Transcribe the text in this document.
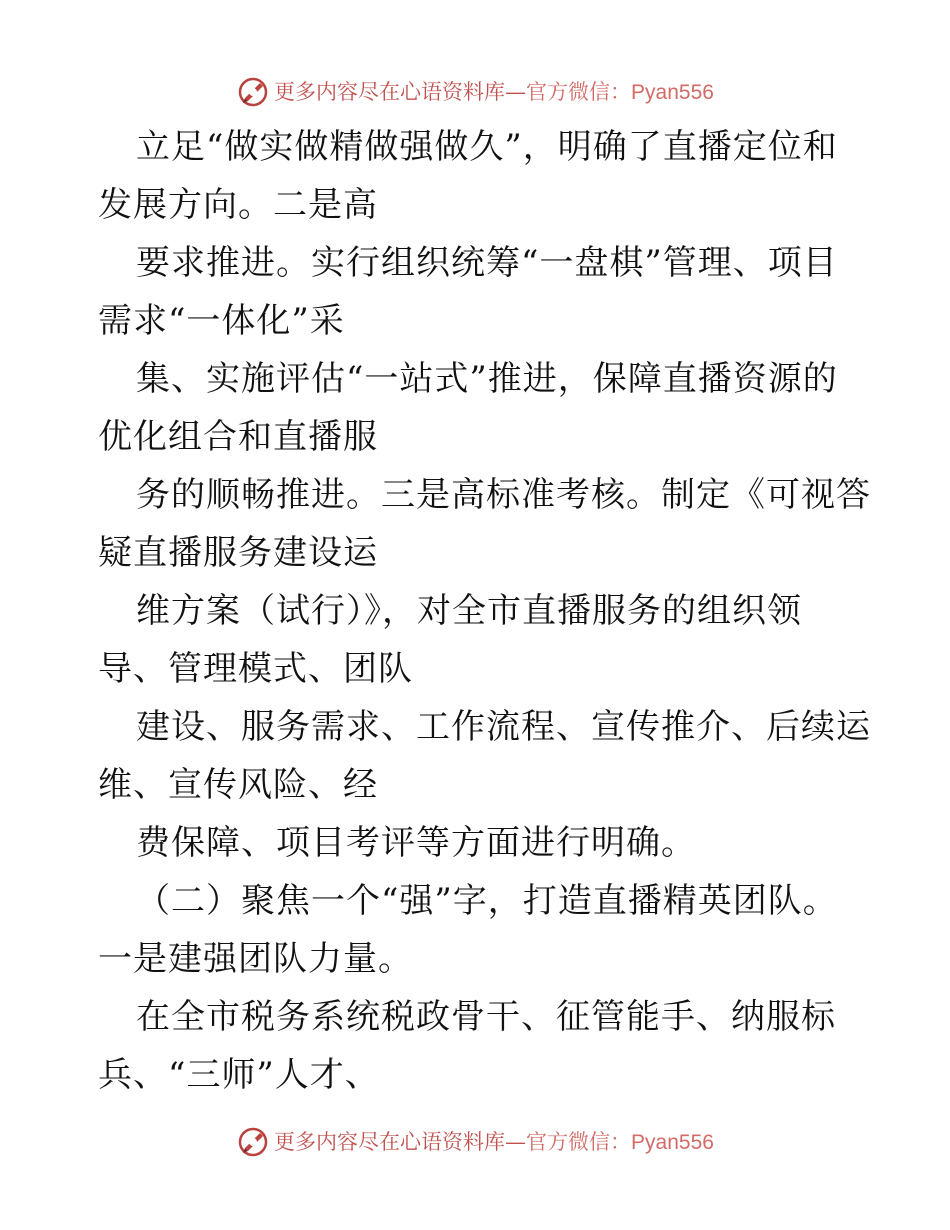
更多内容尽在心语资料库—官方微信：Pyan556
立足“做实做精做强做久”，明确了直播定位和
发展方向。二是高
要求推进。实行组织统筹“一盘棋”管理、项目
需求“一体化”采
集、实施评估“一站式”推进，保障直播资源的
优化组合和直播服
务的顺畅推进。三是高标准考核。制定《可视答
疑直播服务建设运
维方案（试行）》，对全市直播服务的组织领
导、管理模式、团队
建设、服务需求、工作流程、宣传推介、后续运
维、宣传风险、经
费保障、项目考评等方面进行明确。
（二）聚焦一个“强”字，打造直播精英团队。
一是建强团队力量。
在全市税务系统税政骨干、征管能手、纳服标
兵、“三师”人才、
更多内容尽在心语资料库—官方微信：Pyan556
